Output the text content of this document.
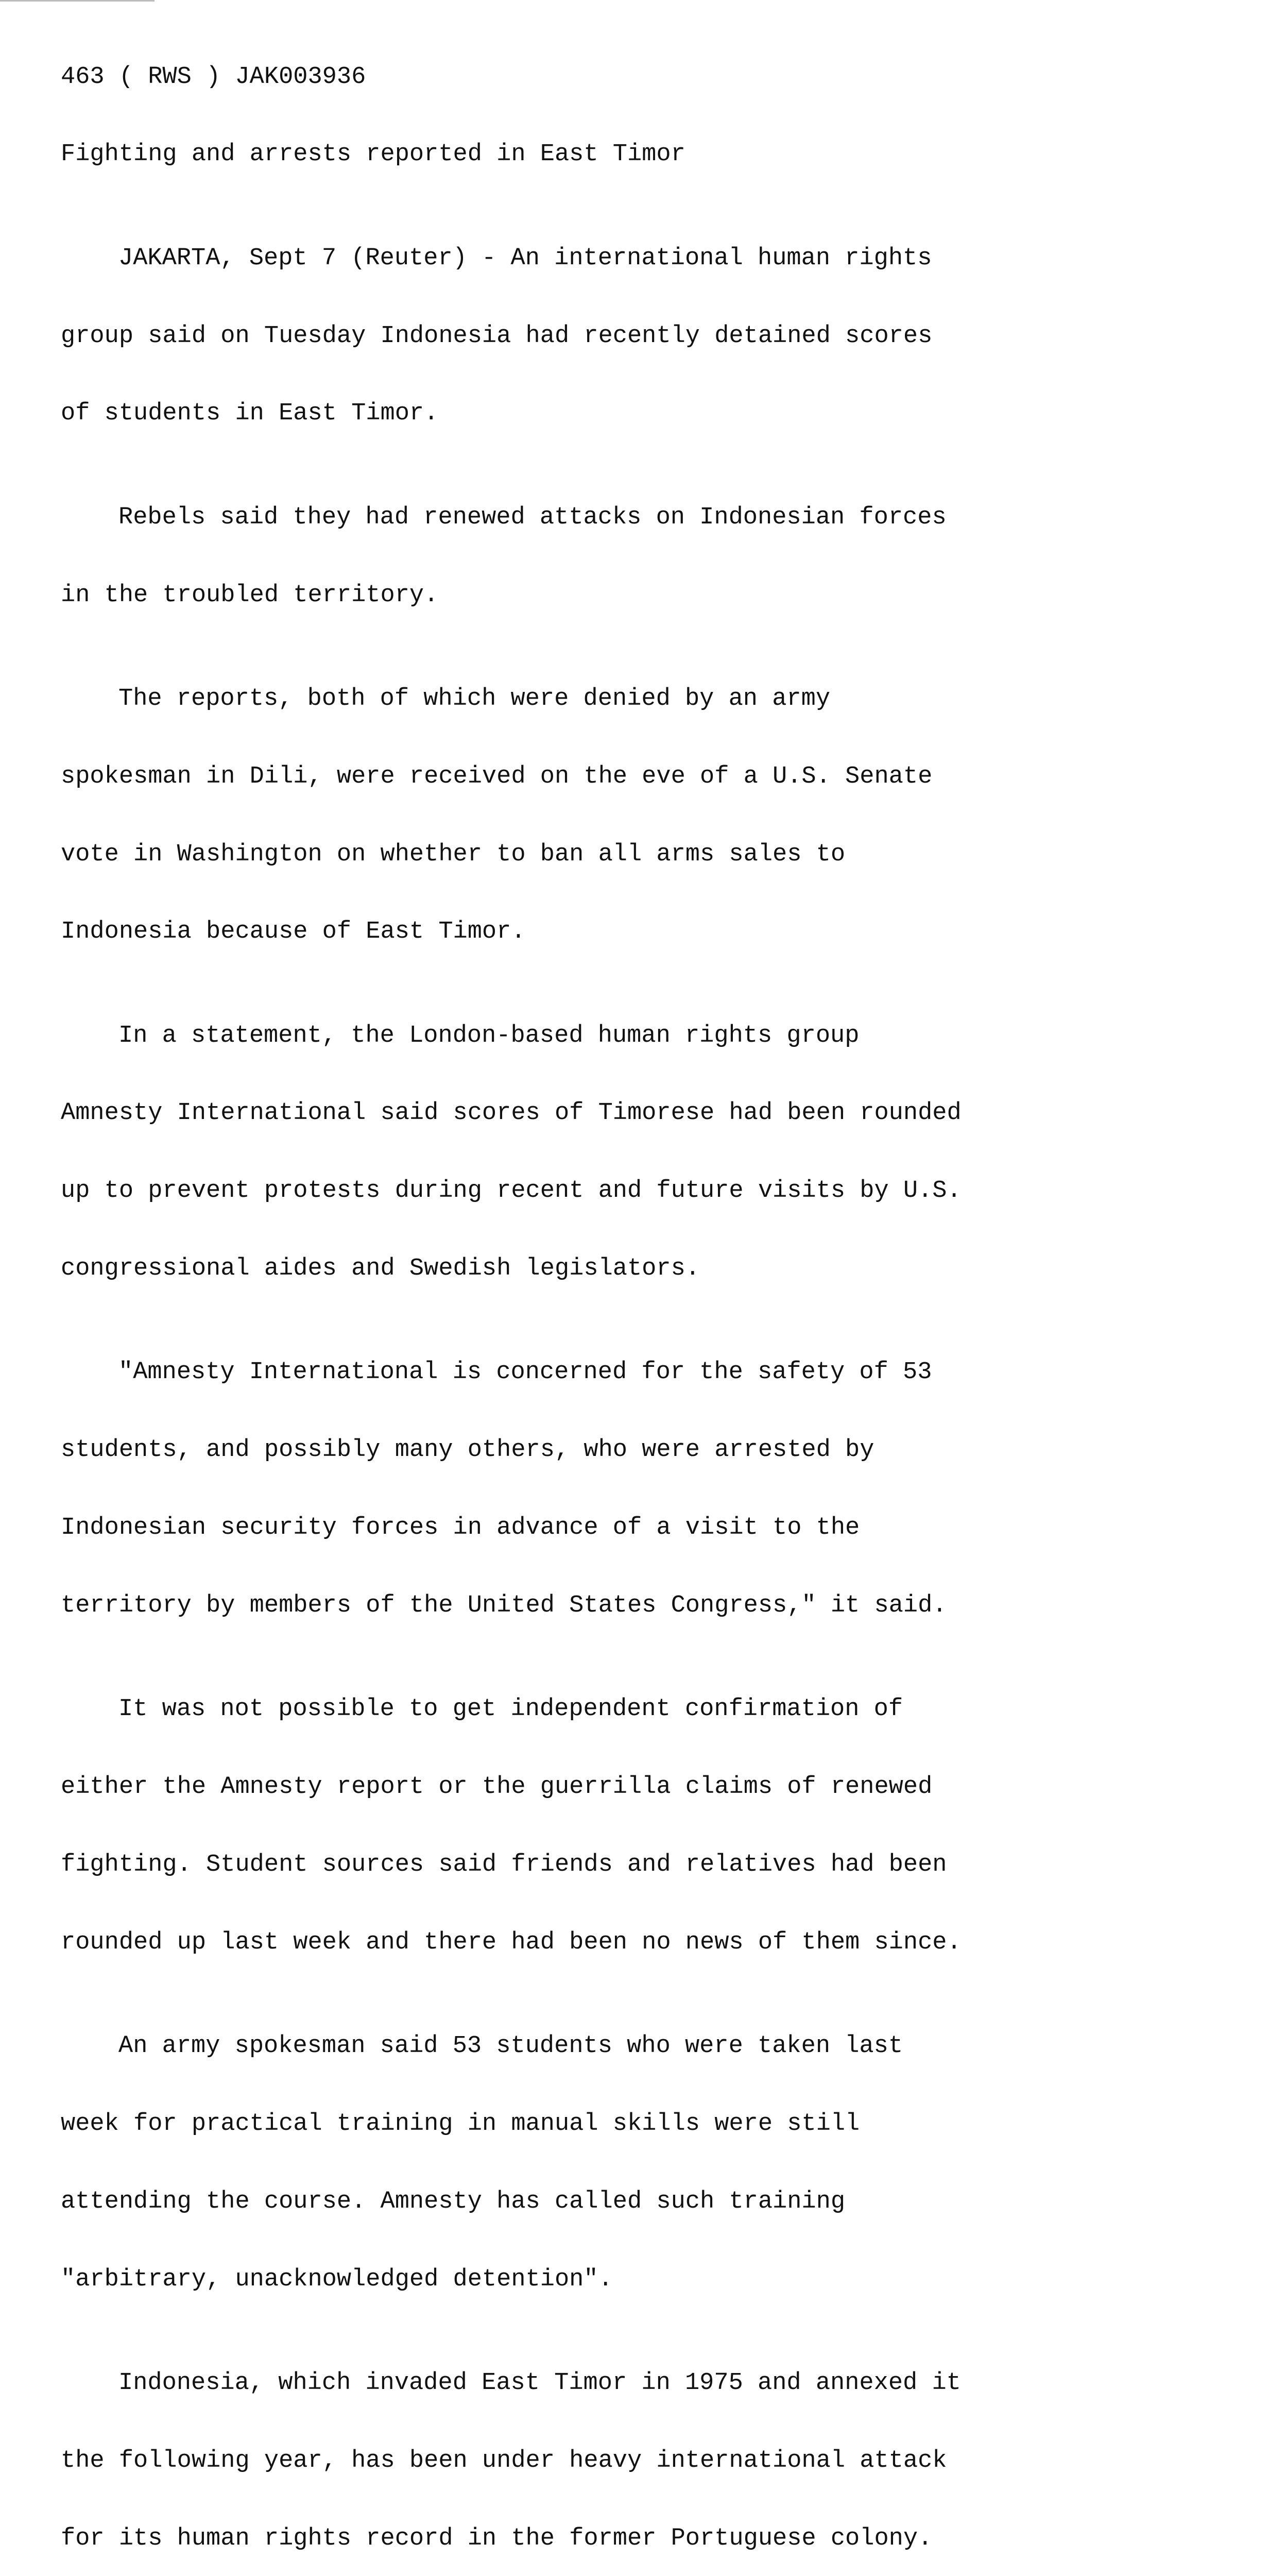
463 ( RWS ) JAK003936

Fighting and arrests reported in East Timor

JAKARTA, Sept 7 (Reuter) - An international human rights

group said on Tuesday Indonesia had recently detained scores

of students in East Timor.

Rebels said they had renewed attacks on Indonesian forces

in the troubled territory.

The reports, both of which were denied by an army

spokesman in Dili, were received on the eve of a U.S. Senate

vote in Washington on whether to ban all arms sales to

Indonesia because of East Timor.

In a statement, the London-based human rights group

Amnesty International said scores of Timorese had been rounded

up to prevent protests during recent and future visits by U.S.

congressional aides and Swedish legislators.

"Amnesty International is concerned for the safety of 53

students, and possibly many others, who were arrested by

Indonesian security forces in advance of a visit to the

territory by members of the United States Congress," it said.

It was not possible to get independent confirmation of

either the Amnesty report or the guerrilla claims of renewed

fighting. Student sources said friends and relatives had been

rounded up last week and there had been no news of them since.

An army spokesman said 53 students who were taken last

week for practical training in manual skills were still

attending the course. Amnesty has called such training

"arbitrary, unacknowledged detention".

Indonesia, which invaded East Timor in 1975 and annexed it

the following year, has been under heavy international attack

for its human rights record in the former Portuguese colony.
